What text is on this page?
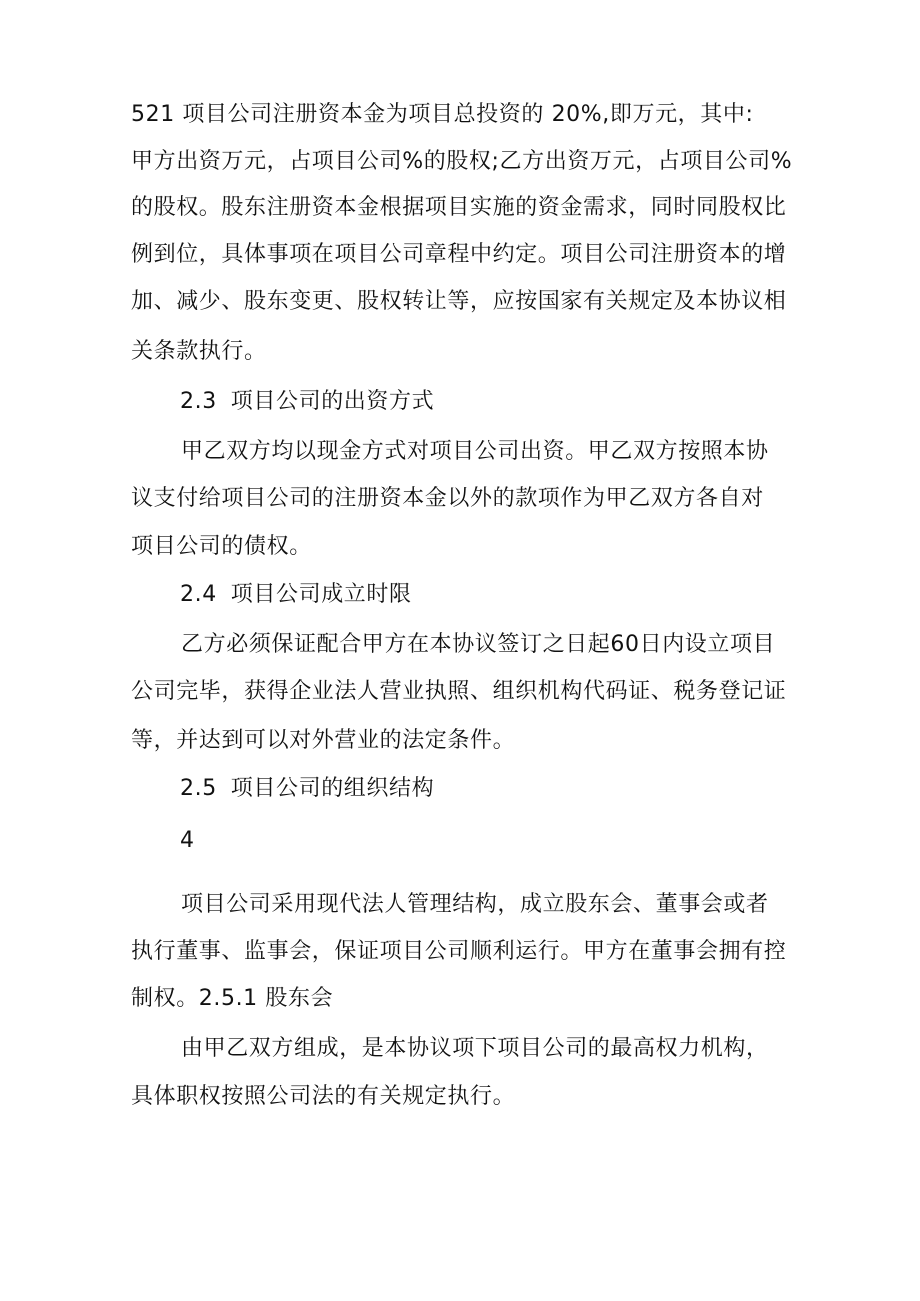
521 项目公司注册资本金为项目总投资的 20%,即万元，其中:
甲方出资万元，占项目公司%的股权;乙方出资万元，占项目公司%
的股权。股东注册资本金根据项目实施的资金需求，同时同股权比
例到位，具体事项在项目公司章程中约定。项目公司注册资本的增
加、减少、股东变更、股权转让等，应按国家有关规定及本协议相
关条款执行。
2.3 项目公司的出资方式
甲乙双方均以现金方式对项目公司出资。甲乙双方按照本协
议支付给项目公司的注册资本金以外的款项作为甲乙双方各自对
项目公司的债权。
2.4 项目公司成立时限
乙方必须保证配合甲方在本协议签订之日起60日内设立项目
公司完毕，获得企业法人营业执照、组织机构代码证、税务登记证
等，并达到可以对外营业的法定条件。
2.5 项目公司的组织结构
4
项目公司采用现代法人管理结构，成立股东会、董事会或者
执行董事、监事会，保证项目公司顺利运行。甲方在董事会拥有控
制权。2.5.1 股东会
由甲乙双方组成，是本协议项下项目公司的最高权力机构，
具体职权按照公司法的有关规定执行。
